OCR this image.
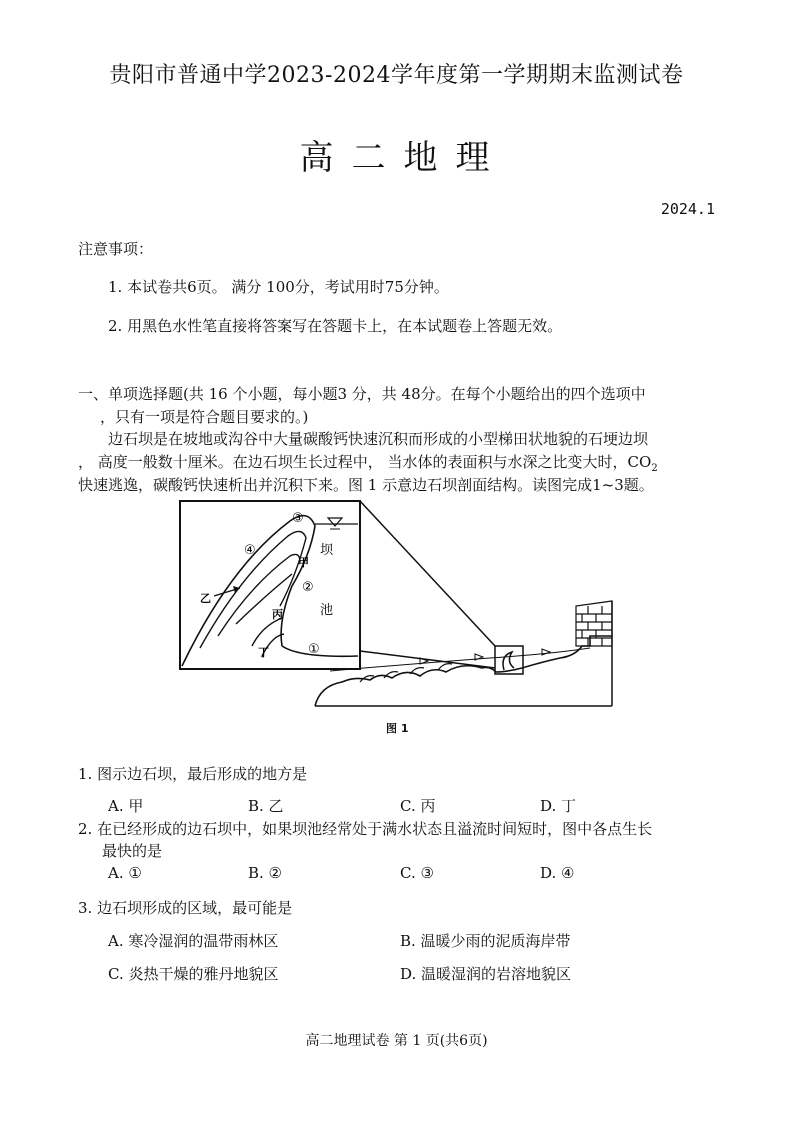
贵阳市普通中学2023-2024学年度第一学期期末监测试卷
高二地理
2024.1
注意事项：
1. 本试卷共6页。 满分 100分，考试用时75分钟。
2. 用黑色水性笔直接将答案写在答题卡上，在本试题卷上答题无效。
一、单项选择题(共 16 个小题，每小题3 分，共 48分。在每个小题给出的四个选项中
，只有一项是符合题目要求的。)
边石坝是在坡地或沟谷中大量碳酸钙快速沉积而形成的小型梯田状地貌的石埂边坝
， 高度一般数十厘米。在边石坝生长过程中， 当水体的表面积与水深之比变大时，$CO_2$
快速逃逸，碳酸钙快速析出并沉积下来。图 1 示意边石坝剖面结构。读图完成1~3题。
③
④
甲
②
坝
池
乙
丙
丁	①
图 1
1. 图示边石坝，最后形成的地方是
A. 甲	B. 乙	C. 丙	D. 丁
2. 在已经形成的边石坝中，如果坝池经常处于满水状态且溢流时间短时，图中各点生长
最快的是
A. ①	B. ②	C. ③	D. ④
3. 边石坝形成的区域，最可能是
A. 寒冷湿润的温带雨林区	B. 温暖少雨的泥质海岸带
C. 炎热干燥的雅丹地貌区	D. 温暖湿润的岩溶地貌区
高二地理试卷 第 1 页(共6页)
